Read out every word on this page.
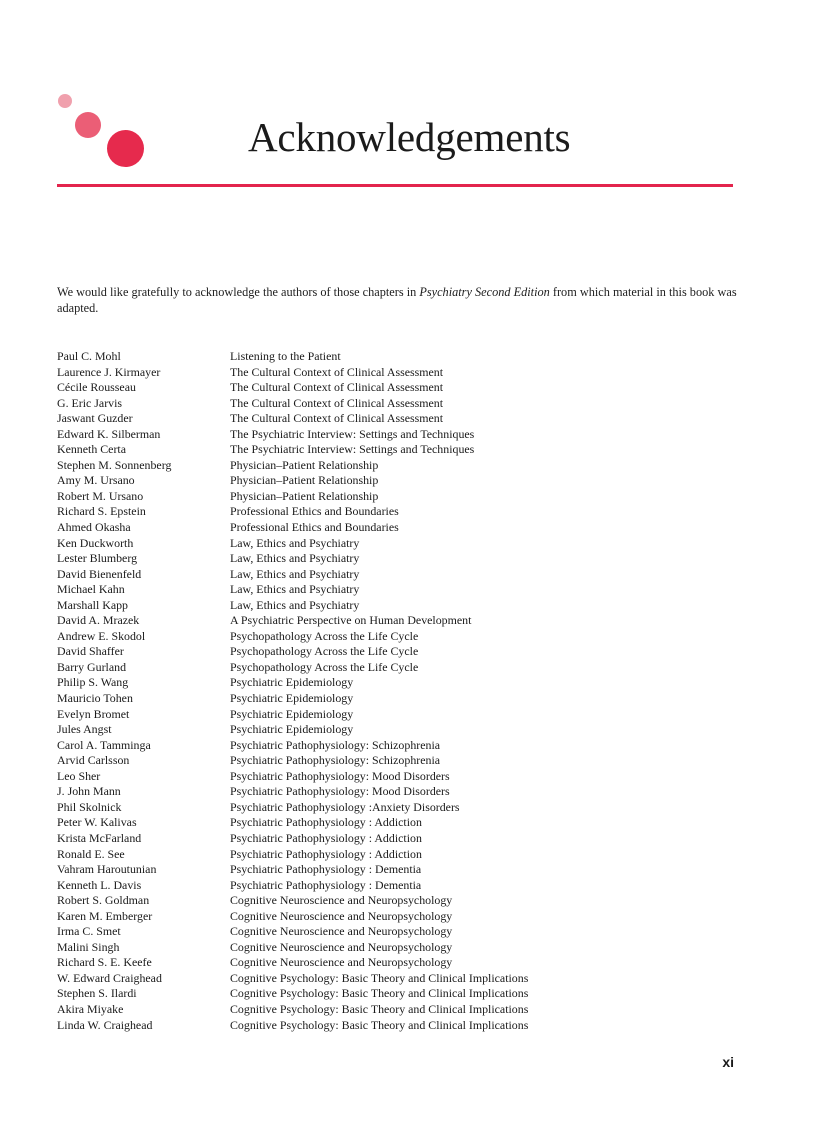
Acknowledgements

We would like gratefully to acknowledge the authors of those chapters in Psychiatry Second Edition from which material in this book was adapted.

Paul C. Mohl	Listening to the Patient
Laurence J. Kirmayer	The Cultural Context of Clinical Assessment
Cécile Rousseau	The Cultural Context of Clinical Assessment
G. Eric Jarvis	The Cultural Context of Clinical Assessment
Jaswant Guzder	The Cultural Context of Clinical Assessment
Edward K. Silberman	The Psychiatric Interview: Settings and Techniques
Kenneth Certa	The Psychiatric Interview: Settings and Techniques
Stephen M. Sonnenberg	Physician–Patient Relationship
Amy M. Ursano	Physician–Patient Relationship
Robert M. Ursano	Physician–Patient Relationship
Richard S. Epstein	Professional Ethics and Boundaries
Ahmed Okasha	Professional Ethics and Boundaries
Ken Duckworth	Law, Ethics and Psychiatry
Lester Blumberg	Law, Ethics and Psychiatry
David Bienenfeld	Law, Ethics and Psychiatry
Michael Kahn	Law, Ethics and Psychiatry
Marshall Kapp	Law, Ethics and Psychiatry
David A. Mrazek	A Psychiatric Perspective on Human Development
Andrew E. Skodol	Psychopathology Across the Life Cycle
David Shaffer	Psychopathology Across the Life Cycle
Barry Gurland	Psychopathology Across the Life Cycle
Philip S. Wang	Psychiatric Epidemiology
Mauricio Tohen	Psychiatric Epidemiology
Evelyn Bromet	Psychiatric Epidemiology
Jules Angst	Psychiatric Epidemiology
Carol A. Tamminga	Psychiatric Pathophysiology: Schizophrenia
Arvid Carlsson	Psychiatric Pathophysiology: Schizophrenia
Leo Sher	Psychiatric Pathophysiology: Mood Disorders
J. John Mann	Psychiatric Pathophysiology: Mood Disorders
Phil Skolnick	Psychiatric Pathophysiology :Anxiety Disorders
Peter W. Kalivas	Psychiatric Pathophysiology : Addiction
Krista McFarland	Psychiatric Pathophysiology : Addiction
Ronald E. See	Psychiatric Pathophysiology : Addiction
Vahram Haroutunian	Psychiatric Pathophysiology : Dementia
Kenneth L. Davis	Psychiatric Pathophysiology : Dementia
Robert S. Goldman	Cognitive Neuroscience and Neuropsychology
Karen M. Emberger	Cognitive Neuroscience and Neuropsychology
Irma C. Smet	Cognitive Neuroscience and Neuropsychology
Malini Singh	Cognitive Neuroscience and Neuropsychology
Richard S. E. Keefe	Cognitive Neuroscience and Neuropsychology
W. Edward Craighead	Cognitive Psychology: Basic Theory and Clinical Implications
Stephen S. Ilardi	Cognitive Psychology: Basic Theory and Clinical Implications
Akira Miyake	Cognitive Psychology: Basic Theory and Clinical Implications
Linda W. Craighead	Cognitive Psychology: Basic Theory and Clinical Implications
xi
